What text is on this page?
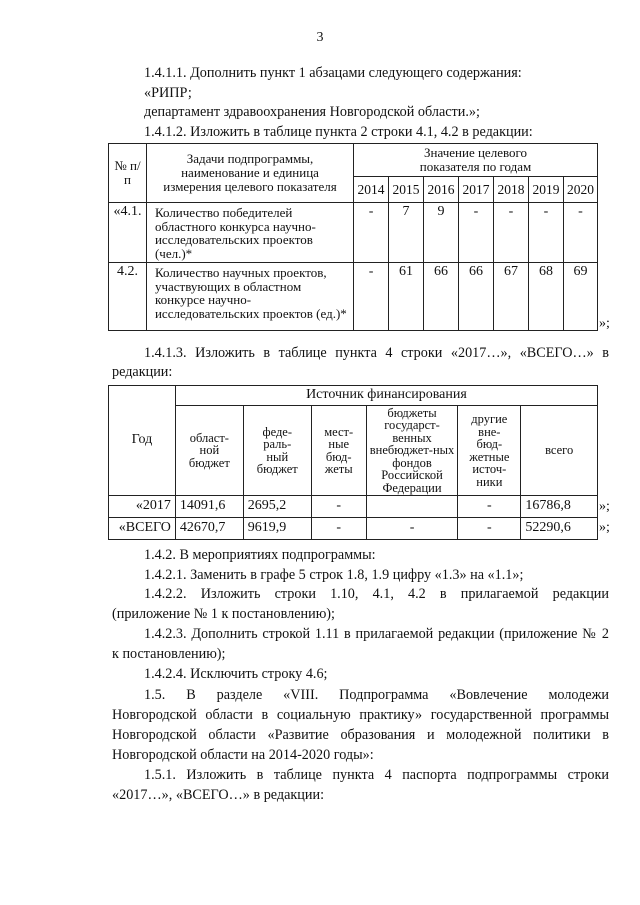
3
1.4.1.1. Дополнить пункт 1 абзацами следующего содержания:
«РИПР;
департамент здравоохранения Новгородской области.»;
1.4.1.2. Изложить в таблице пункта 2 строки 4.1, 4.2 в редакции:
№ п/п	Задачи подпрограммы, наименование и единица измерения целевого показателя	Значение целевого показателя по годам						
		2014	2015	2016	2017	2018	2019	2020
«4.1.	Количество победителей областного конкурса научно-исследовательских проектов (чел.)*	-	7	9	-	-	-	-
4.2.	Количество научных проектов, участвующих в областном конкурсе научно-исследовательских проектов (ед.)*	-	61	66	66	67	68	69
»;
1.4.1.3. Изложить в таблице пункта 4 строки «2017…», «ВСЕГО…» в
редакции:
Год	Источник финансирования					
	област-ной бюджет	феде-раль-ный бюджет	мест-ные бюд-жеты	бюджеты государст-венных внебюджет-ных фондов Российской Федерации	другие вне-бюд-жетные источ-ники	всего
«2017	14091,6	2695,2	-		-	16786,8
«ВСЕГО	42670,7	9619,9	-	-	-	52290,6
»;
»;
1.4.2. В мероприятиях подпрограммы:
1.4.2.1. Заменить в графе 5 строк 1.8, 1.9 цифру «1.3» на «1.1»;
1.4.2.2. Изложить строки 1.10, 4.1, 4.2 в прилагаемой редакции
(приложение № 1 к постановлению);
1.4.2.3. Дополнить строкой 1.11 в прилагаемой редакции (приложение № 2
к постановлению);
1.4.2.4. Исключить строку 4.6;
1.5. В разделе «VIII. Подпрограмма «Вовлечение молодежи
Новгородской области в социальную практику» государственной программы
Новгородской области «Развитие образования и молодежной политики в
Новгородской области на 2014-2020 годы»:
1.5.1. Изложить в таблице пункта 4 паспорта подпрограммы строки
«2017…», «ВСЕГО…» в редакции:
